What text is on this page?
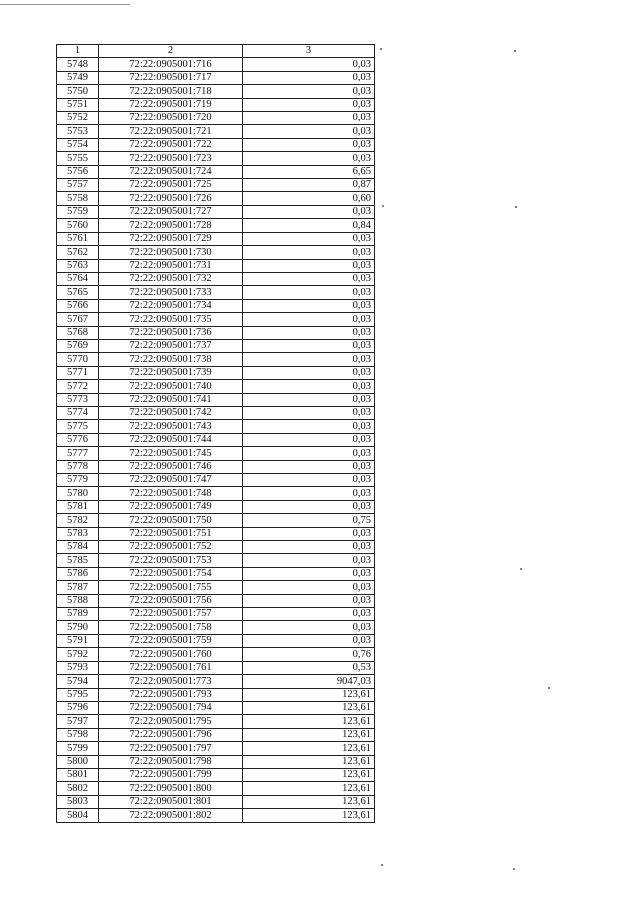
1	2	3
5748	72:22:0905001:716	0,03
5749	72:22:0905001:717	0,03
5750	72:22:0905001:718	0,03
5751	72:22:0905001:719	0,03
5752	72:22:0905001:720	0,03
5753	72:22:0905001:721	0,03
5754	72:22:0905001:722	0,03
5755	72:22:0905001:723	0,03
5756	72:22:0905001:724	6,65
5757	72:22:0905001:725	0,87
5758	72:22:0905001:726	0,60
5759	72:22:0905001:727	0,03
5760	72:22:0905001:728	0,84
5761	72:22:0905001:729	0,03
5762	72:22:0905001:730	0,03
5763	72:22:0905001:731	0,03
5764	72:22:0905001:732	0,03
5765	72:22:0905001:733	0,03
5766	72:22:0905001:734	0,03
5767	72:22:0905001:735	0,03
5768	72:22:0905001:736	0,03
5769	72:22:0905001:737	0,03
5770	72:22:0905001:738	0,03
5771	72:22:0905001:739	0,03
5772	72:22:0905001:740	0,03
5773	72:22:0905001:741	0,03
5774	72:22:0905001:742	0,03
5775	72:22:0905001:743	0,03
5776	72:22:0905001:744	0,03
5777	72:22:0905001:745	0,03
5778	72:22:0905001:746	0,03
5779	72:22:0905001:747	0,03
5780	72:22:0905001:748	0,03
5781	72:22:0905001:749	0,03
5782	72:22:0905001:750	0,75
5783	72:22:0905001:751	0,03
5784	72:22:0905001:752	0,03
5785	72:22:0905001:753	0,03
5786	72:22:0905001:754	0,03
5787	72:22:0905001:755	0,03
5788	72:22:0905001:756	0,03
5789	72:22:0905001:757	0,03
5790	72:22:0905001:758	0,03
5791	72:22:0905001:759	0,03
5792	72:22:0905001:760	0,76
5793	72:22:0905001:761	0,53
5794	72:22:0905001:773	9047,03
5795	72:22:0905001:793	123,61
5796	72:22:0905001:794	123,61
5797	72:22:0905001:795	123,61
5798	72:22:0905001:796	123,61
5799	72:22:0905001:797	123,61
5800	72:22:0905001:798	123,61
5801	72:22:0905001:799	123,61
5802	72:22:0905001:800	123,61
5803	72:22:0905001:801	123,61
5804	72:22:0905001:802	123,61
